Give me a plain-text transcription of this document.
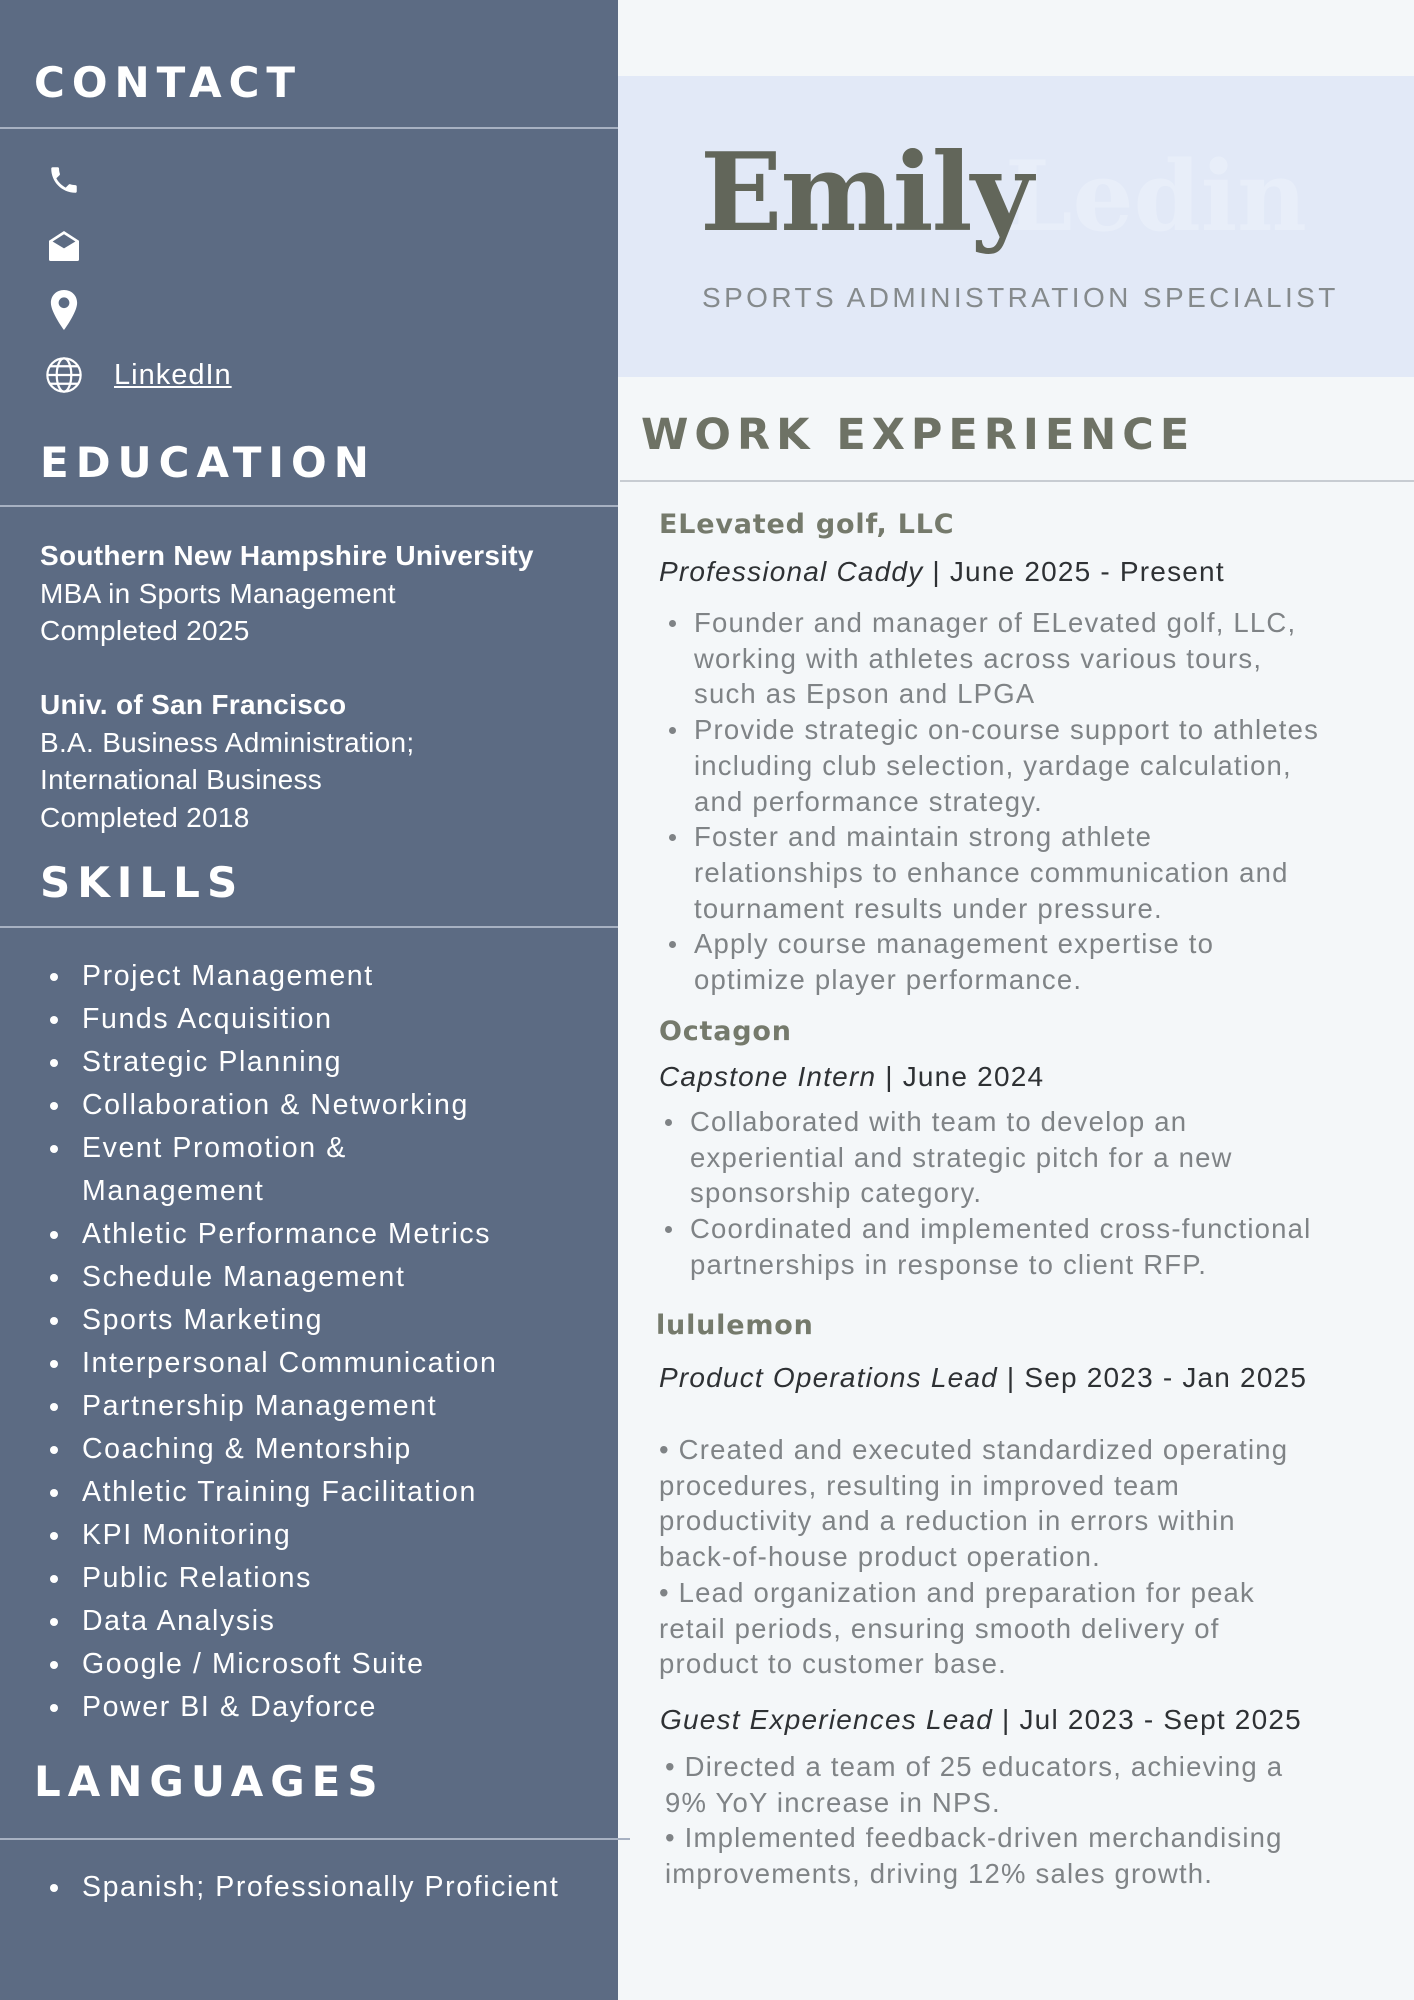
CONTACT
LinkedIn
EDUCATION
Southern New Hampshire University
MBA in Sports Management
Completed 2025
Univ. of San Francisco
B.A. Business Administration;
International Business
Completed 2018
SKILLS
Project Management
Funds Acquisition
Strategic Planning
Collaboration & Networking
Event Promotion & Management
Athletic Performance Metrics
Schedule Management
Sports Marketing
Interpersonal Communication
Partnership Management
Coaching & Mentorship
Athletic Training Facilitation
KPI Monitoring
Public Relations
Data Analysis
Google / Microsoft Suite
Power BI & Dayforce
LANGUAGES
Spanish; Professionally Proficient
Ledin
Emily
SPORTS ADMINISTRATION SPECIALIST
WORK EXPERIENCE
ELevated golf, LLC
Professional Caddy | June 2025 - Present
Founder and manager of ELevated golf, LLC, working with athletes across various tours, such as Epson and LPGA
Provide strategic on-course support to athletes including club selection, yardage calculation, and performance strategy.
Foster and maintain strong athlete relationships to enhance communication and tournament results under pressure.
Apply course management expertise to optimize player performance.
Octagon
Capstone Intern | June 2024
Collaborated with team to develop an experiential and strategic pitch for a new sponsorship category.
Coordinated and implemented cross-functional partnerships in response to client RFP.
lululemon
Product Operations Lead | Sep 2023 - Jan 2025
• Created and executed standardized operating
procedures, resulting in improved team
productivity and a reduction in errors within
back-of-house product operation.
• Lead organization and preparation for peak
retail periods, ensuring smooth delivery of
product to customer base.
Guest Experiences Lead | Jul 2023 - Sept 2025
• Directed a team of 25 educators, achieving a
9% YoY increase in NPS.
• Implemented feedback-driven merchandising
improvements, driving 12% sales growth.
